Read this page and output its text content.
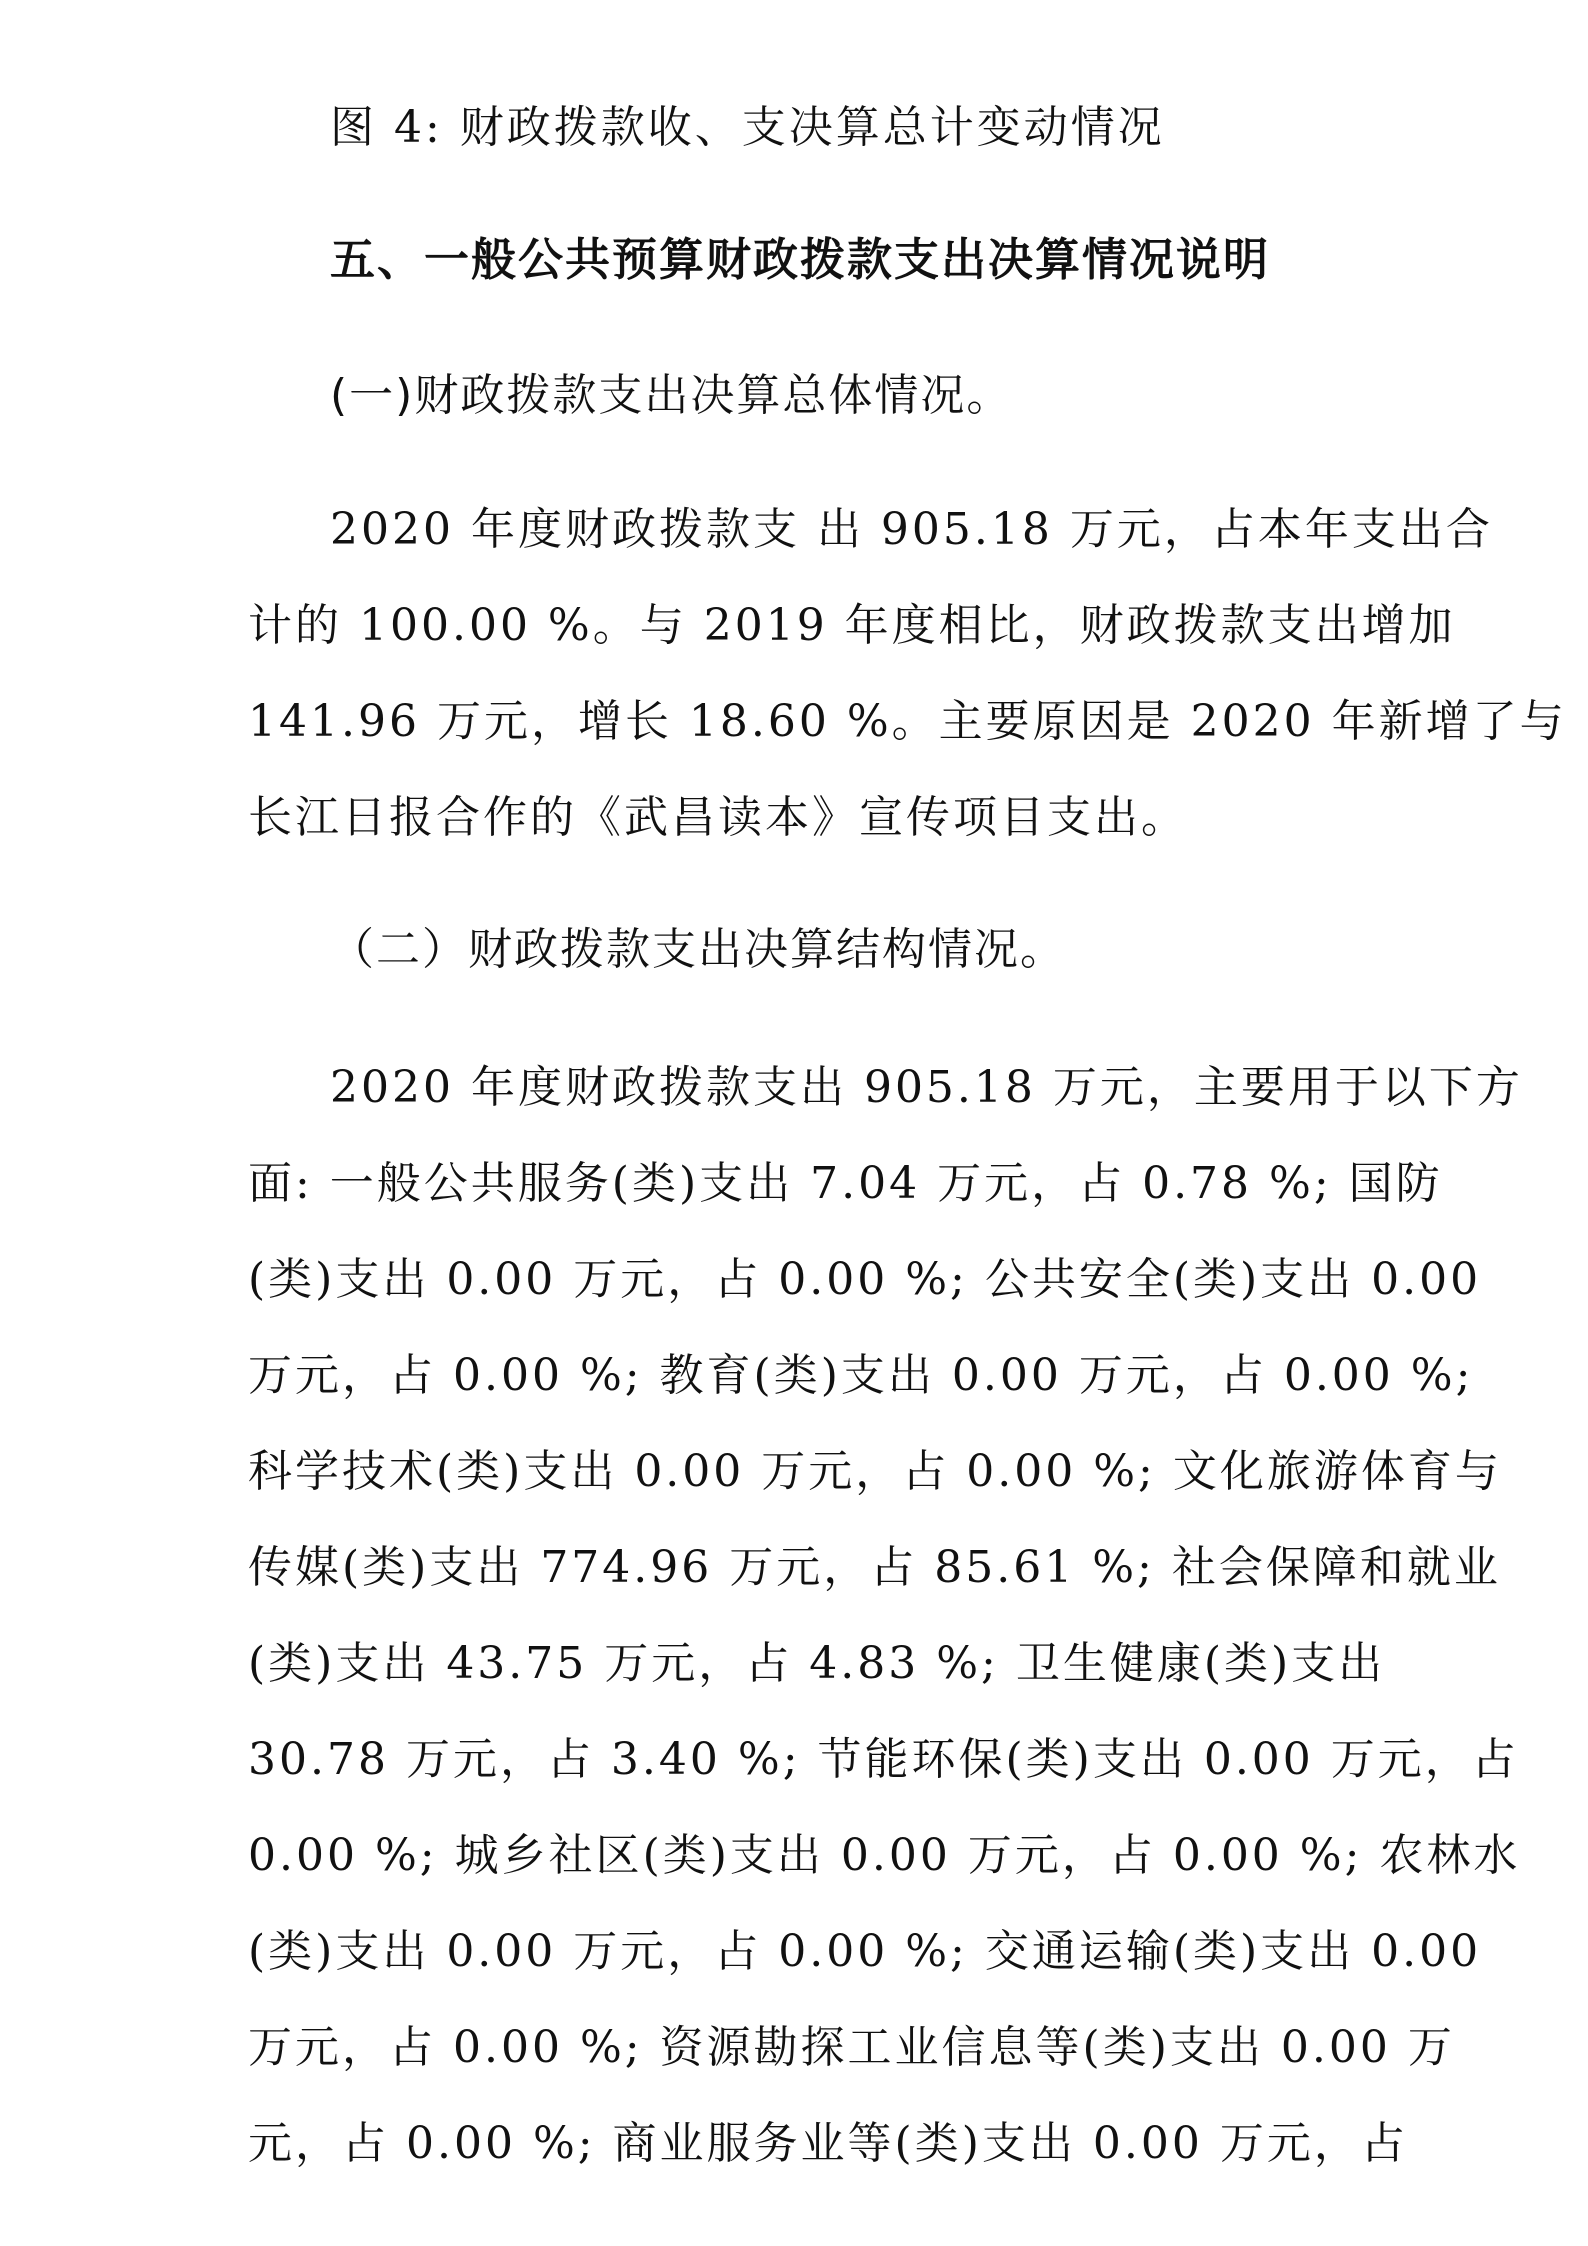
图 4: 财政拨款收、支决算总计变动情况
五、一般公共预算财政拨款支出决算情况说明
(一)财政拨款支出决算总体情况。
2020 年度财政拨款支 出 905.18 万元，占本年支出合
计的 100.00 %。与 2019 年度相比，财政拨款支出增加
141.96 万元，增长 18.60 %。主要原因是 2020 年新增了与
长江日报合作的《武昌读本》宣传项目支出。
（二）财政拨款支出决算结构情况。
2020 年度财政拨款支出 905.18 万元，主要用于以下方
面: 一般公共服务(类)支出 7.04 万元，占 0.78 %; 国防
(类)支出 0.00 万元，占 0.00 %; 公共安全(类)支出 0.00
万元，占 0.00 %; 教育(类)支出 0.00 万元，占 0.00 %;
科学技术(类)支出 0.00 万元，占 0.00 %; 文化旅游体育与
传媒(类)支出 774.96 万元，占 85.61 %; 社会保障和就业
(类)支出 43.75 万元，占 4.83 %; 卫生健康(类)支出
30.78 万元，占 3.40 %; 节能环保(类)支出 0.00 万元，占
0.00 %; 城乡社区(类)支出 0.00 万元，占 0.00 %; 农林水
(类)支出 0.00 万元，占 0.00 %; 交通运输(类)支出 0.00
万元，占 0.00 %; 资源勘探工业信息等(类)支出 0.00 万
元，占 0.00 %; 商业服务业等(类)支出 0.00 万元，占
